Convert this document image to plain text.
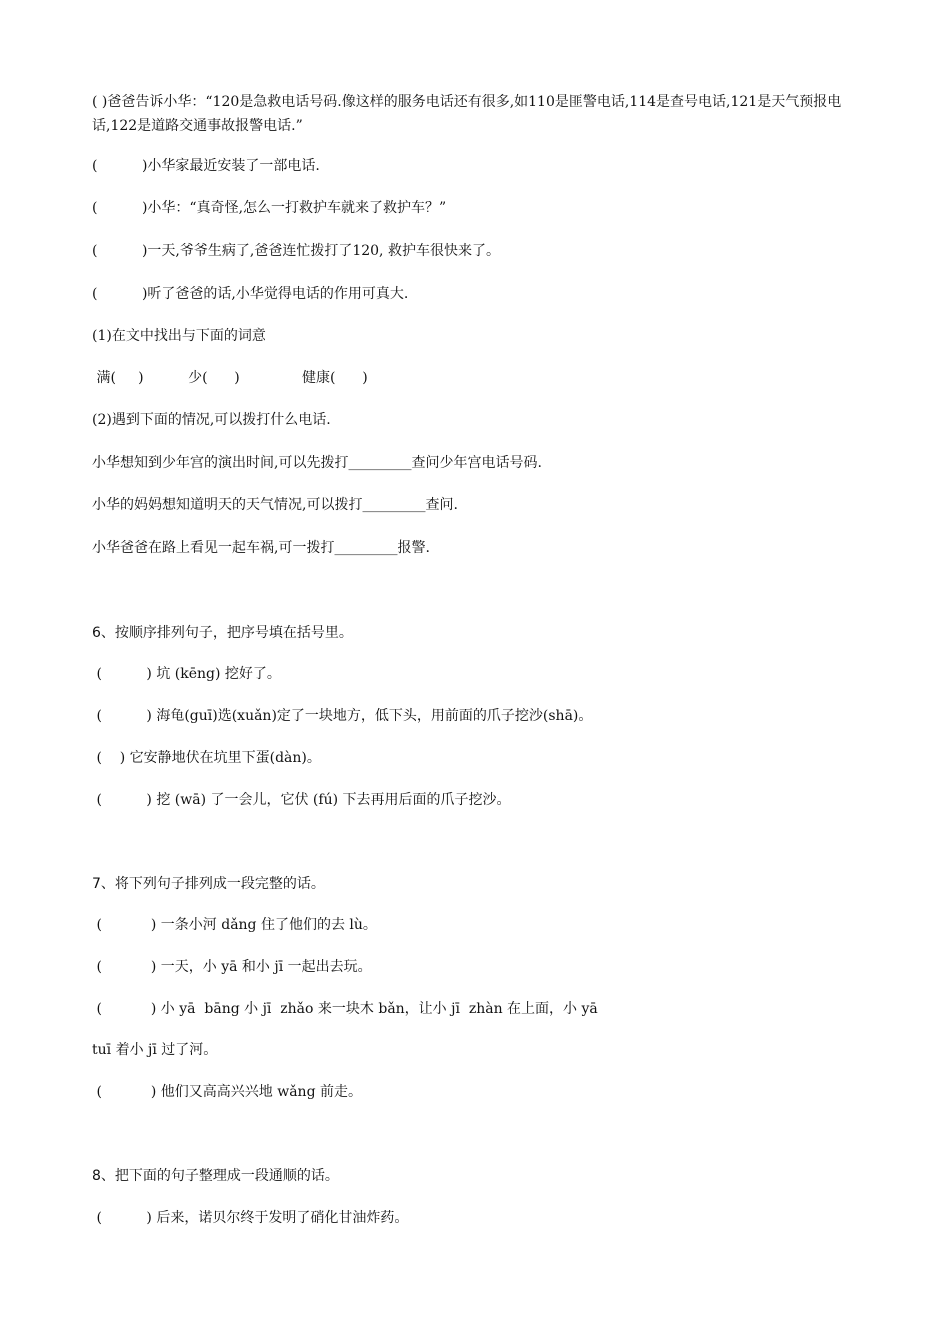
( )爸爸告诉小华：“120是急救电话号码.像这样的服务电话还有很多,如110是匪警电话,114是查号电话,121是天气预报电话,122是道路交通事故报警电话.”
(          )小华家最近安装了一部电话.
(          )小华：“真奇怪,怎么一打救护车就来了救护车？”
(          )一天,爷爷生病了,爸爸连忙拨打了120, 救护车很快来了。
(          )听了爸爸的话,小华觉得电话的作用可真大.
(1)在文中找出与下面的词意
满(     )          少(      )              健康(      )
(2)遇到下面的情况,可以拨打什么电话.
小华想知到少年宫的演出时间,可以先拨打_________查问少年宫电话号码.
小华的妈妈想知道明天的天气情况,可以拨打_________查问.
小华爸爸在路上看见一起车祸,可一拨打_________报警.
6、按顺序排列句子，把序号填在括号里。
(          ) 坑 (kēng) 挖好了。
(          ) 海龟(guī)选(xuǎn)定了一块地方，低下头，用前面的爪子挖沙(shā)。
(    ) 它安静地伏在坑里下蛋(dàn)。
(          ) 挖 (wā) 了一会儿，它伏 (fú) 下去再用后面的爪子挖沙。
7、将下列句子排列成一段完整的话。
(           ) 一条小河 dǎng 住了他们的去 lù。
(           ) 一天，小 yā 和小 jī 一起出去玩。
(           ) 小 yā  bāng 小 jī  zhǎo 来一块木 bǎn，让小 jī  zhàn 在上面，小 yā
tuī 着小 jī 过了河。
(           ) 他们又高高兴兴地 wǎng 前走。
8、把下面的句子整理成一段通顺的话。
(          ) 后来，诺贝尔终于发明了硝化甘油炸药。
